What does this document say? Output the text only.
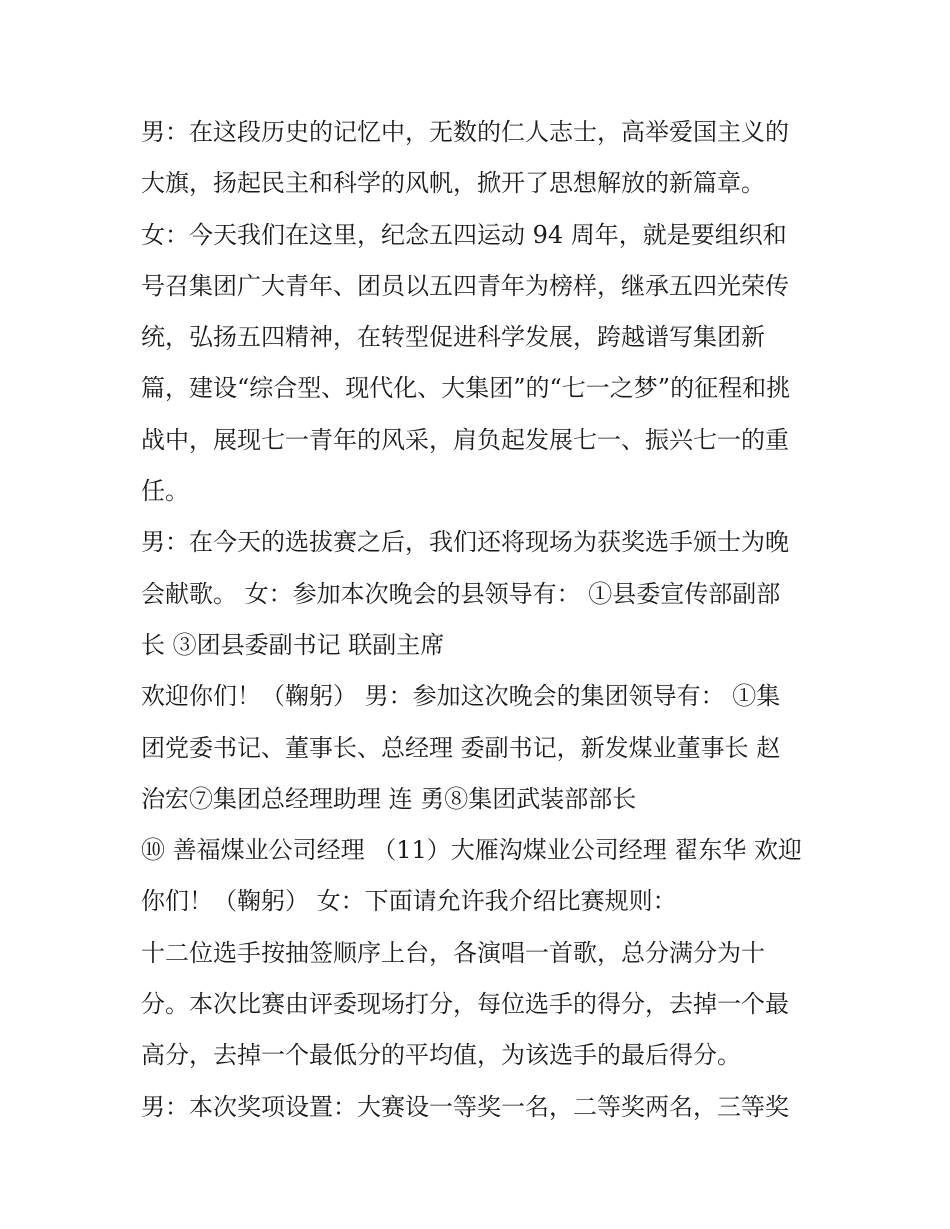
男：在这段历史的记忆中，无数的仁人志士，高举爱国主义的
大旗，扬起民主和科学的风帆，掀开了思想解放的新篇章。
女：今天我们在这里，纪念五四运动 94 周年，就是要组织和
号召集团广大青年、团员以五四青年为榜样，继承五四光荣传
统，弘扬五四精神，在转型促进科学发展，跨越谱写集团新
篇，建设“综合型、现代化、大集团”的“七一之梦”的征程和挑
战中，展现七一青年的风采，肩负起发展七一、振兴七一的重
任。
男：在今天的选拔赛之后，我们还将现场为获奖选手颁士为晚
会献歌。 女：参加本次晚会的县领导有： ①县委宣传部副部
长 ③团县委副书记 联副主席
欢迎你们！（鞠躬） 男：参加这次晚会的集团领导有： ①集
团党委书记、董事长、总经理 委副书记，新发煤业董事长 赵
治宏⑦集团总经理助理 连 勇⑧集团武装部部长
⑩ 善福煤业公司经理 （11）大雁沟煤业公司经理 翟东华 欢迎
你们！（鞠躬） 女：下面请允许我介绍比赛规则：
十二位选手按抽签顺序上台，各演唱一首歌，总分满分为十
分。本次比赛由评委现场打分，每位选手的得分，去掉一个最
高分，去掉一个最低分的平均值，为该选手的最后得分。
男：本次奖项设置：大赛设一等奖一名，二等奖两名，三等奖
